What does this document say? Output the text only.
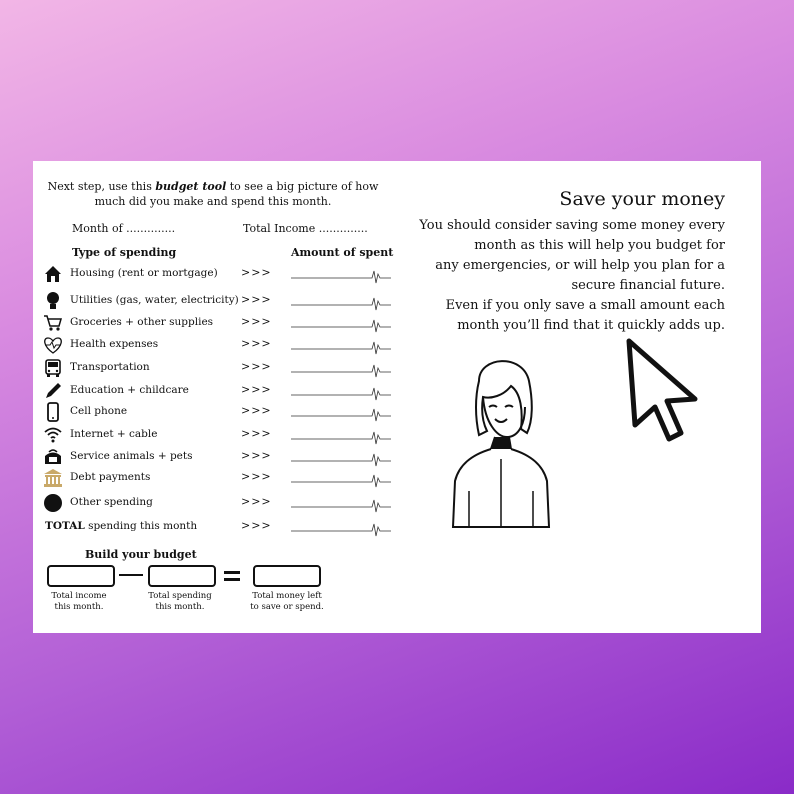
Next step, use this budget tool to see a big picture of how much did you make and spend this month.
Month of ..............	Total Income ..............
Type of spending	Amount of spent
Housing (rent or mortgage) >>>
Utilities (gas, water, electricity) >>>
Groceries + other supplies	>>>
Health expenses	>>>
Transportation	>>>
Education + childcare	>>>
Cell phone	>>>
Internet + cable	>>>
Service animals + pets	>>>
Debt payments	>>>
Other spending	>>>
TOTAL spending this month	>>>
Build your budget
Total income this month.
Total spending this month.
Total money left to save or spend.
Save your money
You should consider saving some money every
month as this will help you budget for
any emergencies, or will help you plan for a
secure financial future.
Even if you only save a small amount each
month you’ll find that it quickly adds up.
